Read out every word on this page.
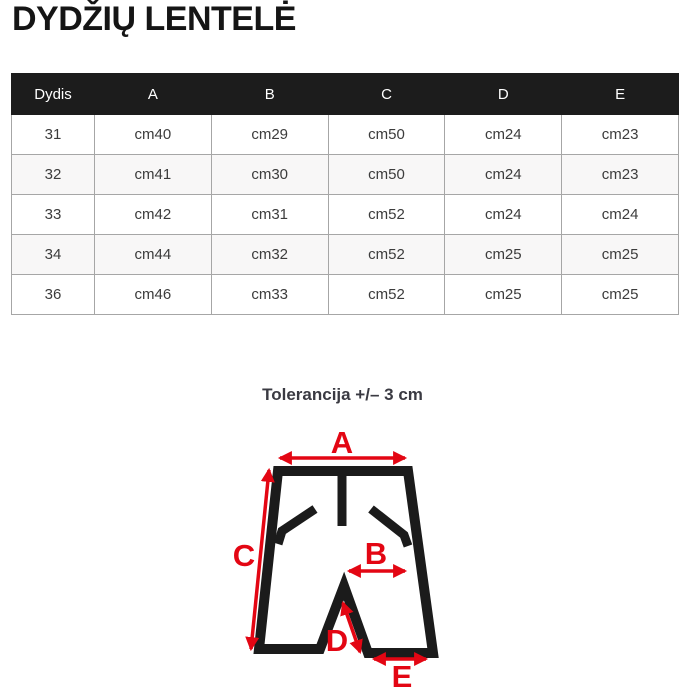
DYDŽIŲ LENTELĖ
Dydis	A	B	C	D	E
31	cm40	cm29	cm50	cm24	cm23
32	cm41	cm30	cm50	cm24	cm23
33	cm42	cm31	cm52	cm24	cm24
34	cm44	cm32	cm52	cm25	cm25
36	cm46	cm33	cm52	cm25	cm25
Tolerancija +/– 3 cm
A
B
C
D
E
